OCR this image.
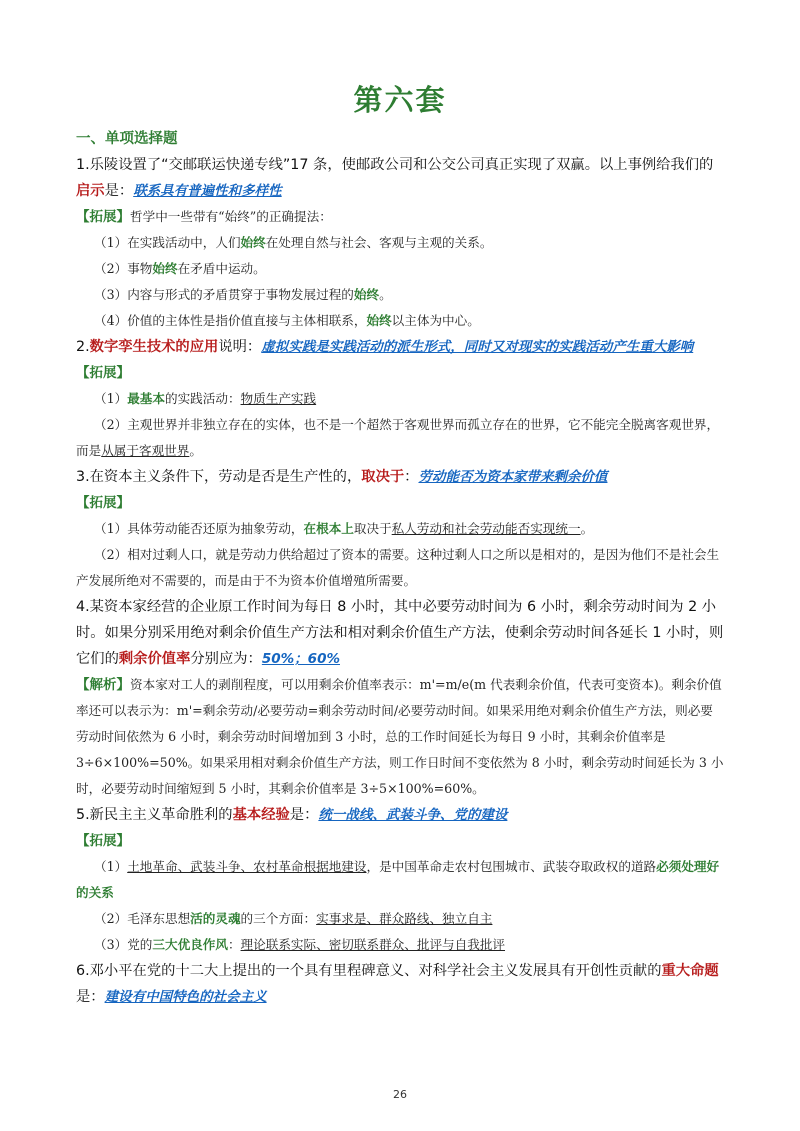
第六套
一、单项选择题

1.乐陵设置了“交邮联运快递专线”17 条，使邮政公司和公交公司真正实现了双赢。以上事例给我们的启示是：联系具有普遍性和多样性

【拓展】哲学中一些带有“始终”的正确提法：

（1）在实践活动中，人们始终在处理自然与社会、客观与主观的关系。

（2）事物始终在矛盾中运动。

（3）内容与形式的矛盾贯穿于事物发展过程的始终。

（4）价值的主体性是指价值直接与主体相联系，始终以主体为中心。

2.数字孪生技术的应用说明：虚拟实践是实践活动的派生形式，同时又对现实的实践活动产生重大影响

【拓展】

（1）最基本的实践活动：物质生产实践

（2）主观世界并非独立存在的实体，也不是一个超然于客观世界而孤立存在的世界，它不能完全脱离客观世界，而是从属于客观世界。

3.在资本主义条件下，劳动是否是生产性的，取决于：劳动能否为资本家带来剩余价值

【拓展】

（1）具体劳动能否还原为抽象劳动，在根本上取决于私人劳动和社会劳动能否实现统一。

（2）相对过剩人口，就是劳动力供给超过了资本的需要。这种过剩人口之所以是相对的，是因为他们不是社会生产发展所绝对不需要的，而是由于不为资本价值增殖所需要。

4.某资本家经营的企业原工作时间为每日 8 小时，其中必要劳动时间为 6 小时，剩余劳动时间为 2 小时。如果分别采用绝对剩余价值生产方法和相对剩余价值生产方法，使剩余劳动时间各延长 1 小时，则它们的剩余价值率分别应为：50%；60%

【解析】资本家对工人的剥削程度，可以用剩余价值率表示：m'=m/e(m 代表剩余价值，代表可变资本)。剩余价值率还可以表示为：m'=剩余劳动/必要劳动=剩余劳动时间/必要劳动时间。如果采用绝对剩余价值生产方法，则必要劳动时间依然为 6 小时，剩余劳动时间增加到 3 小时，总的工作时间延长为每日 9 小时，其剩余价值率是 3÷6×100%=50%。如果采用相对剩余价值生产方法，则工作日时间不变依然为 8 小时，剩余劳动时间延长为 3 小时，必要劳动时间缩短到 5 小时，其剩余价值率是 3÷5×100%=60%。

5.新民主主义革命胜利的基本经验是：统一战线、武装斗争、党的建设

【拓展】

（1）土地革命、武装斗争、农村革命根据地建设，是中国革命走农村包围城市、武装夺取政权的道路必须处理好的关系

（2）毛泽东思想活的灵魂的三个方面：实事求是、群众路线、独立自主

（3）党的三大优良作风：理论联系实际、密切联系群众、批评与自我批评

6.邓小平在党的十二大上提出的一个具有里程碑意义、对科学社会主义发展具有开创性贡献的重大命题是：建设有中国特色的社会主义

26
